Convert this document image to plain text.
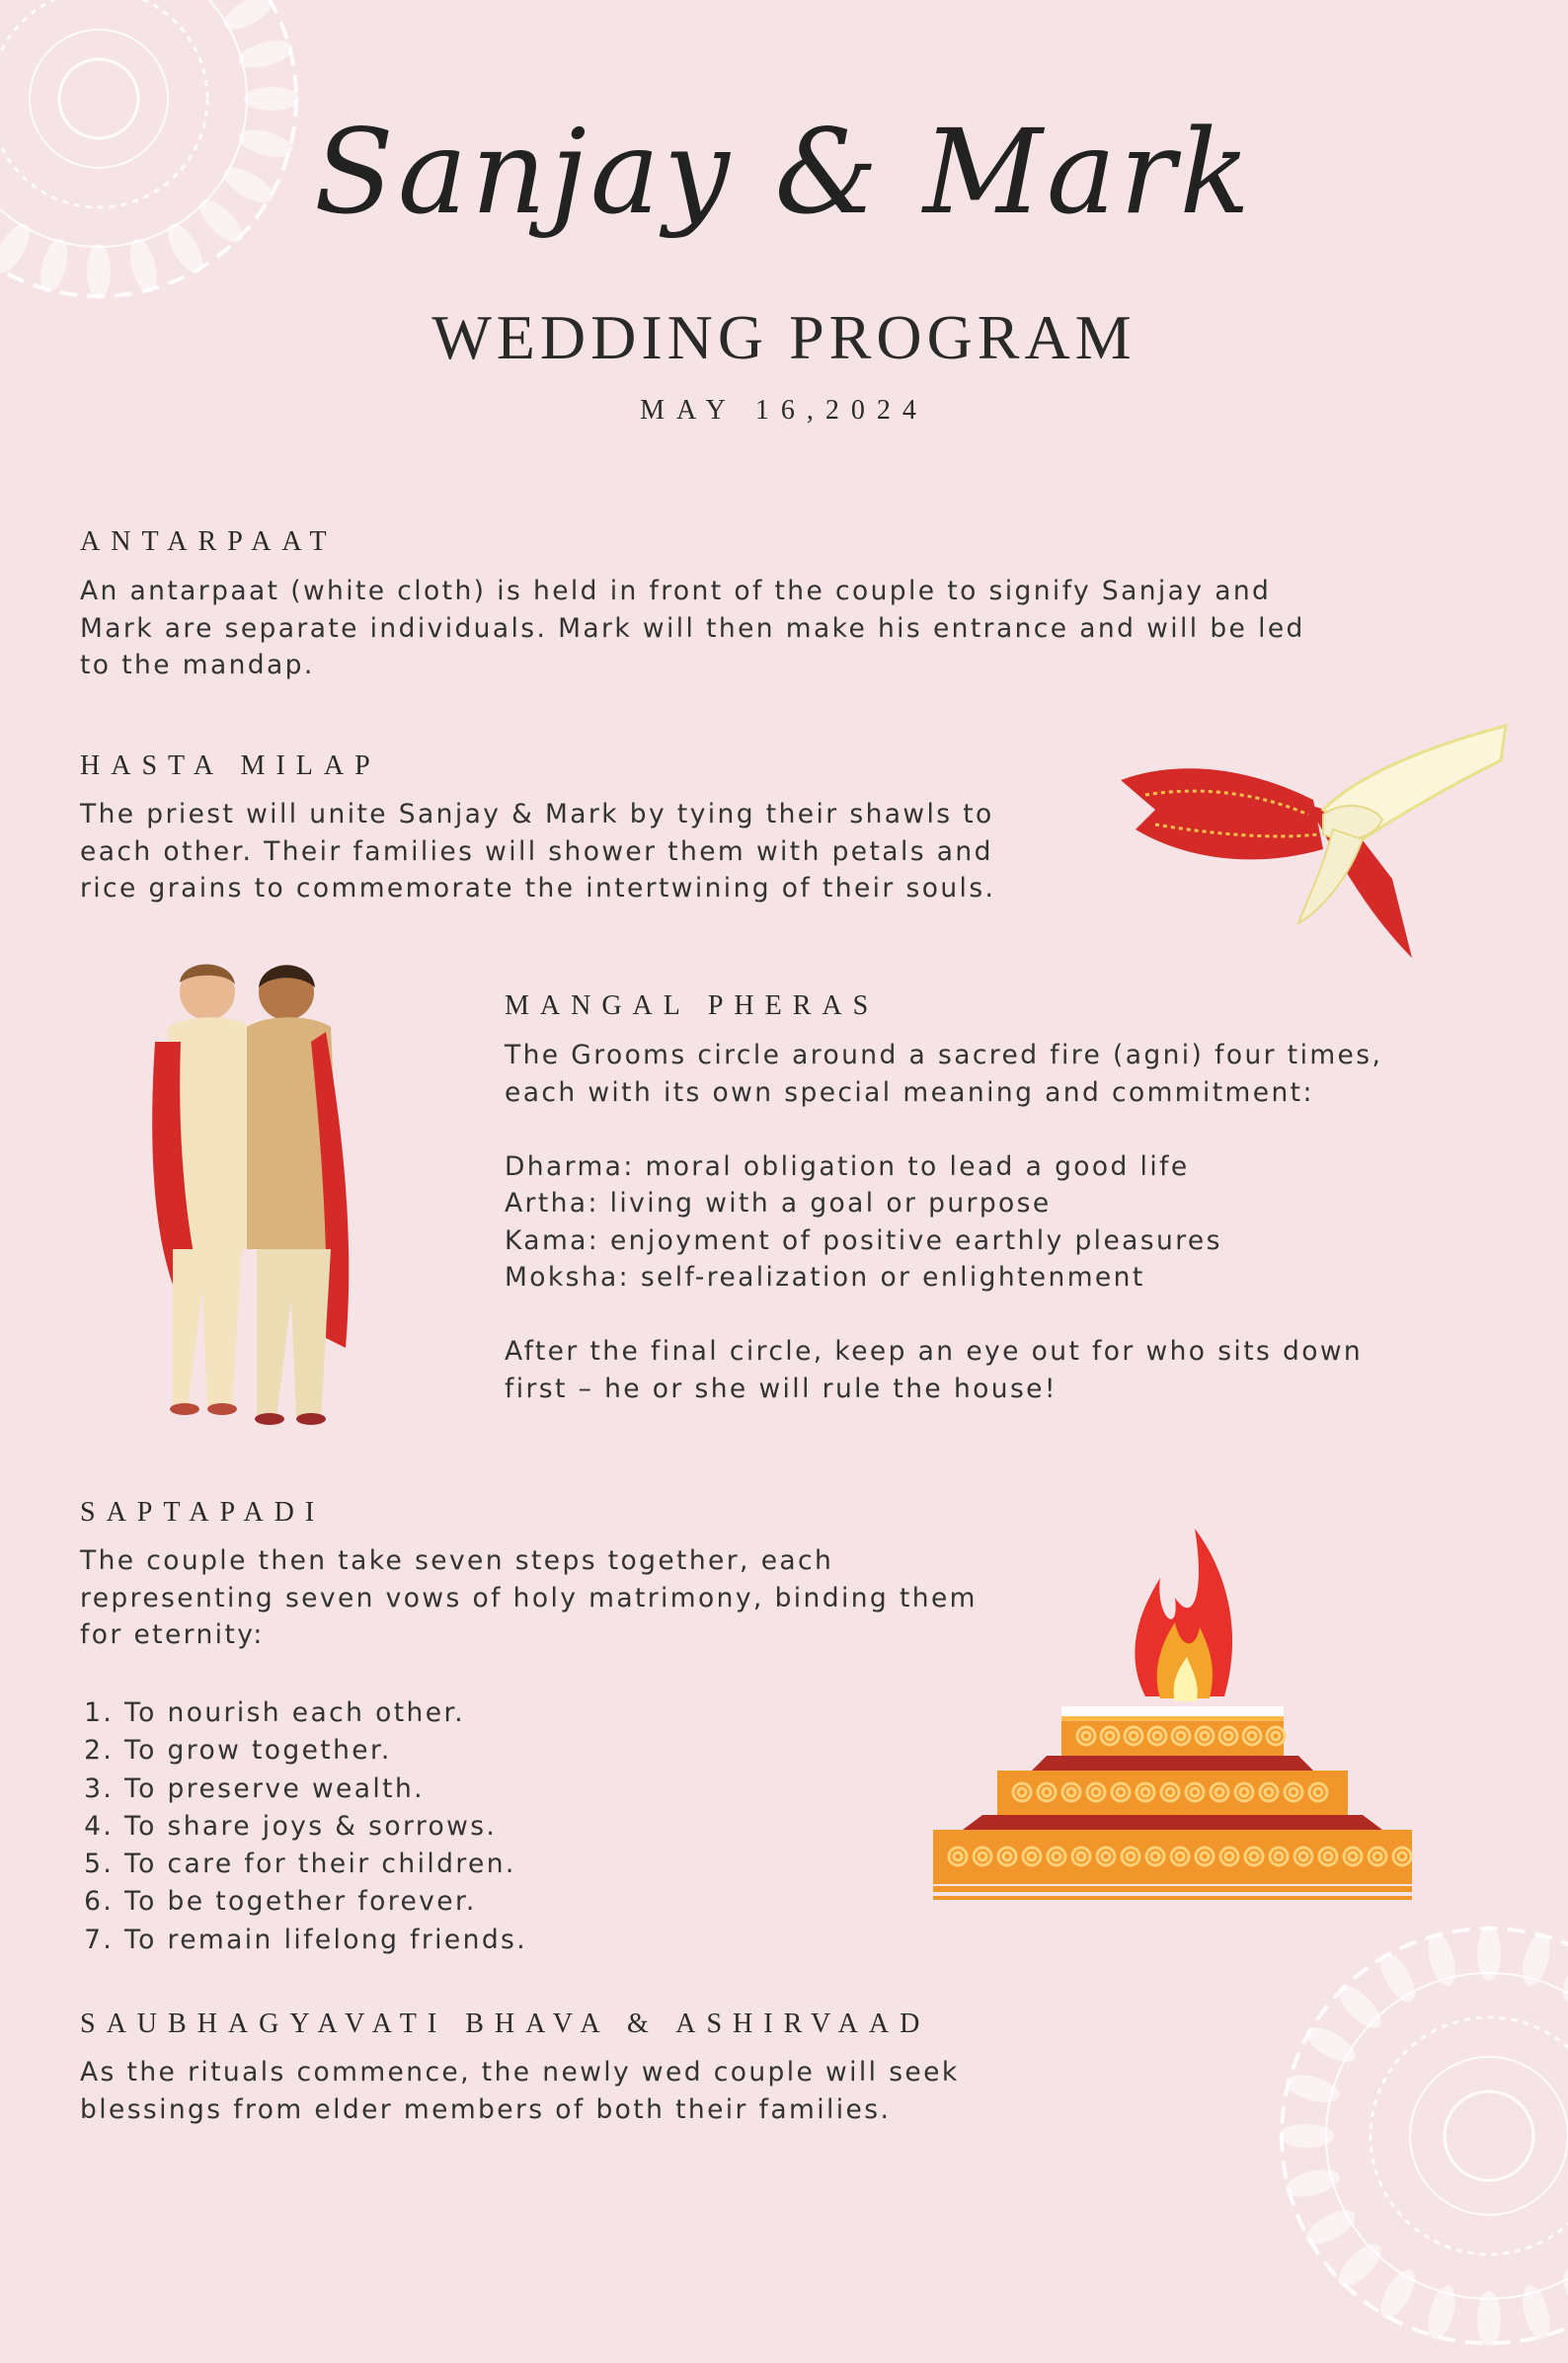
Sanjay & Mark
WEDDING PROGRAM
MAY 16,2024
ANTARPAAT
An antarpaat (white cloth) is held in front of the couple to signify Sanjay and
Mark are separate individuals. Mark will then make his entrance and will be led
to the mandap.
HASTA MILAP
The priest will unite Sanjay & Mark by tying their shawls to
each other. Their families will shower them with petals and
rice grains to commemorate the intertwining of their souls.
MANGAL PHERAS
The Grooms circle around a sacred fire (agni) four times,
each with its own special meaning and commitment:

Dharma: moral obligation to lead a good life
Artha: living with a goal or purpose
Kama: enjoyment of positive earthly pleasures
Moksha: self-realization or enlightenment

After the final circle, keep an eye out for who sits down
first – he or she will rule the house!
SAPTAPADI
The couple then take seven steps together, each
representing seven vows of holy matrimony, binding them
for eternity:
1. To nourish each other.
2. To grow together.
3. To preserve wealth.
4. To share joys & sorrows.
5. To care for their children.
6. To be together forever.
7. To remain lifelong friends.
SAUBHAGYAVATI BHAVA & ASHIRVAAD
As the rituals commence, the newly wed couple will seek
blessings from elder members of both their families.
